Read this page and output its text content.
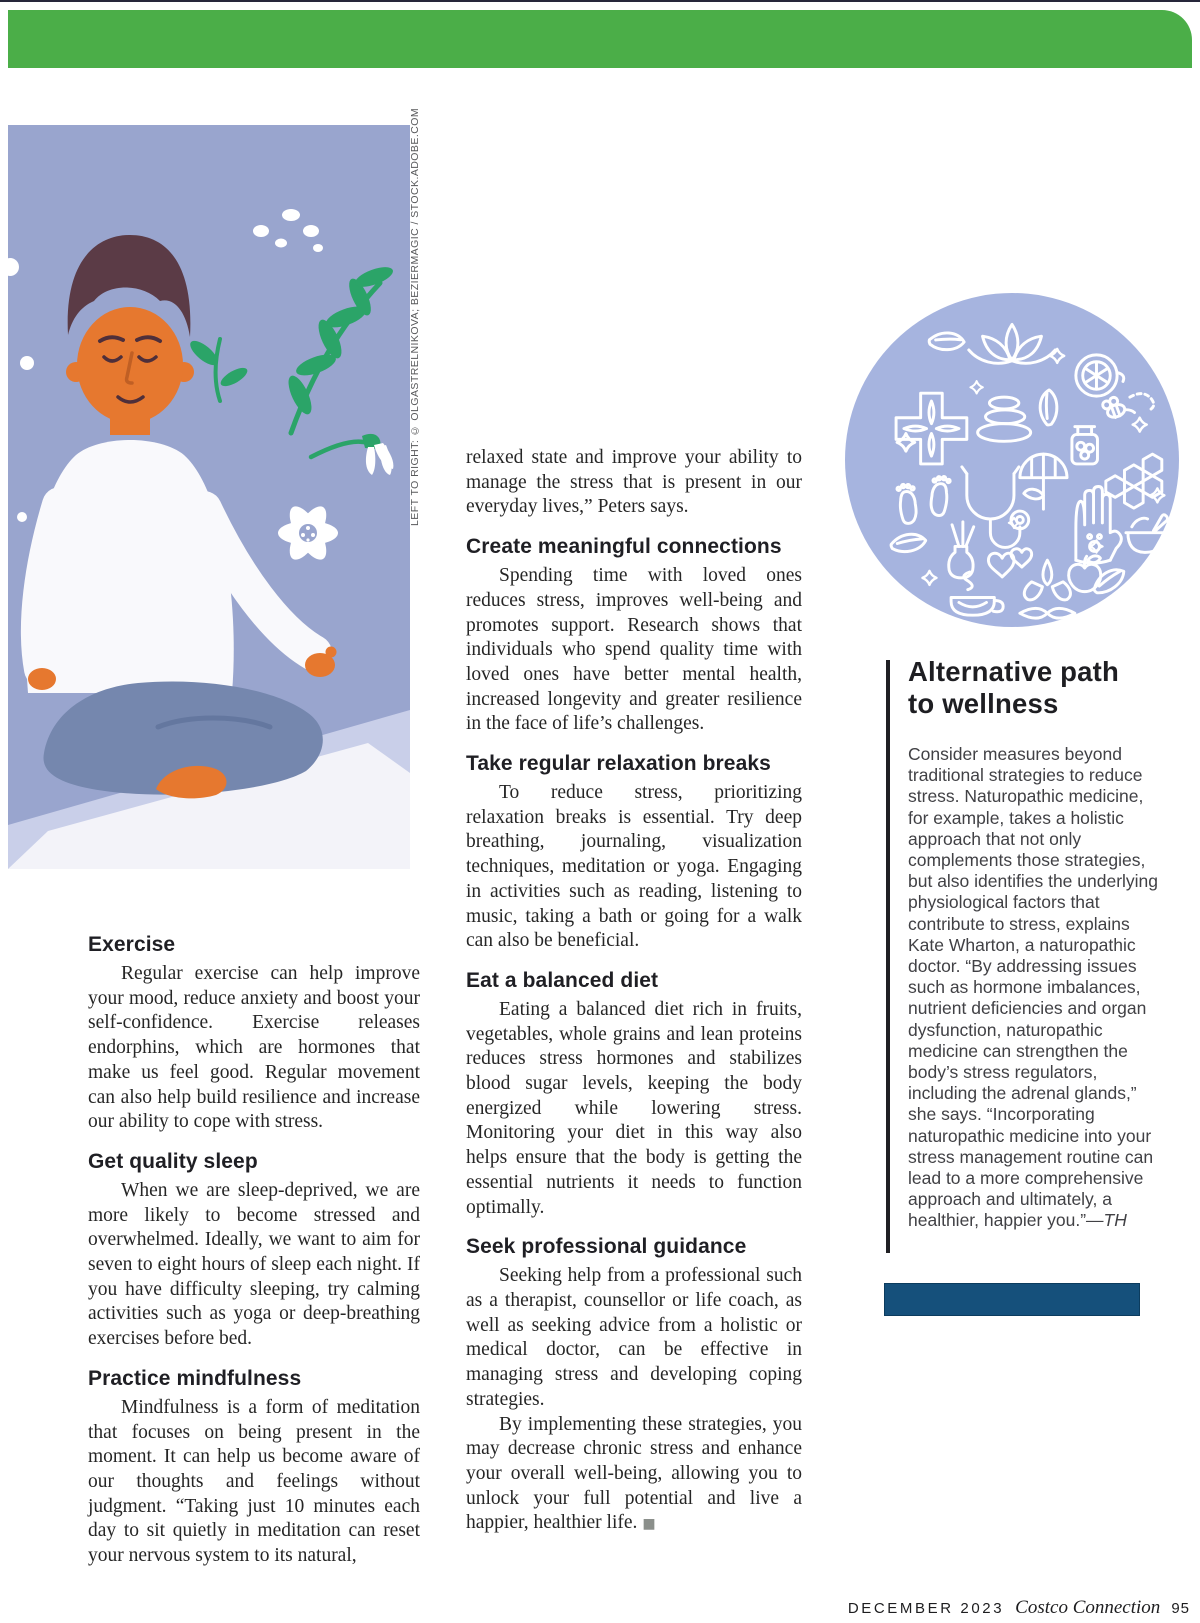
LEFT TO RIGHT: © OLGASTRELNIKOVA; BEZIERMAGIC / STOCK.ADOBE.COM
Exercise

Regular exercise can help improve your mood, reduce anxiety and boost your self-confidence. Exercise releases endorphins, which are hormones that make us feel good. Regular movement can also help build resilience and increase our ability to cope with stress.

Get quality sleep

When we are sleep-deprived, we are more likely to become stressed and overwhelmed. Ideally, we want to aim for seven to eight hours of sleep each night. If you have difficulty sleeping, try calming activities such as yoga or deep-breathing exercises before bed.

Practice mindfulness

Mindfulness is a form of meditation that focuses on being present in the moment. It can help us become aware of our thoughts and feelings without judgment. “Taking just 10 minutes each day to sit quietly in meditation can reset your nervous system to its natural,

relaxed state and improve your ability to manage the stress that is present in our everyday lives,” Peters says.

Create meaningful connections

Spending time with loved ones reduces stress, improves well-being and promotes support. Research shows that individuals who spend quality time with loved ones have better mental health, increased longevity and greater resilience in the face of life’s challenges.

Take regular relaxation breaks

To reduce stress, prioritizing relaxation breaks is essential. Try deep breathing, journaling, visualization techniques, meditation or yoga. Engaging in activities such as reading, listening to music, taking a bath or going for a walk can also be beneficial.

Eat a balanced diet

Eating a balanced diet rich in fruits, vegetables, whole grains and lean proteins reduces stress hormones and stabilizes blood sugar levels, keeping the body energized while lowering stress. Monitoring your diet in this way also helps ensure that the body is getting the essential nutrients it needs to function optimally.

Seek professional guidance

Seeking help from a professional such as a therapist, counsellor or life coach, as well as seeking advice from a holistic or medical doctor, can be effective in managing stress and developing coping strategies.

By implementing these strategies, you may decrease chronic stress and enhance your overall well-being, allowing you to unlock your full potential and live a happier, healthier life. ■

Alternative path to wellness

Consider measures beyond traditional strategies to reduce stress. Naturopathic medicine, for example, takes a holistic approach that not only complements those strategies, but also identifies the underlying physiological factors that contribute to stress, explains Kate Wharton, a naturopathic doctor. “By addressing issues such as hormone imbalances, nutrient deficiencies and organ dysfunction, naturopathic medicine can strengthen the body’s stress regulators, including the adrenal glands,” she says. “Incorporating naturopathic medicine into your stress management routine can lead to a more comprehensive approach and ultimately, a healthier, happier you.”—TH

DECEMBER 2023 Costco Connection 95
